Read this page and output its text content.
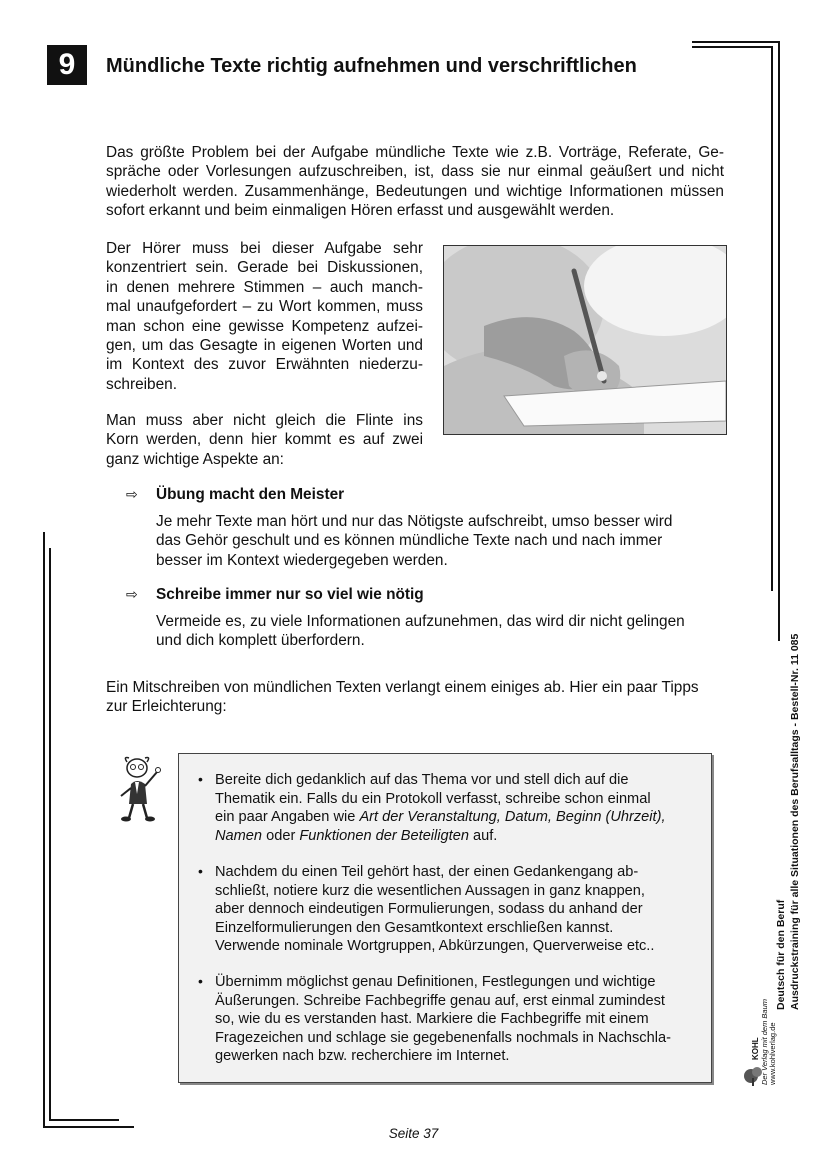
9 Mündliche Texte richtig aufnehmen und verschriftlichen
Das größte Problem bei der Aufgabe mündliche Texte wie z.B. Vorträge, Referate, Ge-
spräche oder Vorlesungen aufzuschreiben, ist, dass sie nur einmal geäußert und nicht
wiederholt werden. Zusammenhänge, Bedeutungen und wichtige Informationen müssen
sofort erkannt und beim einmaligen Hören erfasst und ausgewählt werden.
Der Hörer muss bei dieser Aufgabe sehr
konzentriert sein. Gerade bei Diskussionen,
in denen mehrere Stimmen – auch manch-
mal unaufgefordert – zu Wort kommen, muss
man schon eine gewisse Kompetenz aufzei-
gen, um das Gesagte in eigenen Worten und
im Kontext des zuvor Erwähnten niederzu-
schreiben.
Man muss aber nicht gleich die Flinte ins
Korn werden, denn hier kommt es auf zwei
ganz wichtige Aspekte an:
⇨ Übung macht den Meister
Je mehr Texte man hört und nur das Nötigste aufschreibt, umso besser wird
das Gehör geschult und es können mündliche Texte nach und nach immer
besser im Kontext wiedergegeben werden.
⇨ Schreibe immer nur so viel wie nötig
Vermeide es, zu viele Informationen aufzunehmen, das wird dir nicht gelingen
und dich komplett überfordern.
Ein Mitschreiben von mündlichen Texten verlangt einem einiges ab. Hier ein paar Tipps
zur Erleichterung:
• Bereite dich gedanklich auf das Thema vor und stell dich auf die
Thematik ein. Falls du ein Protokoll verfasst, schreibe schon einmal
ein paar Angaben wie Art der Veranstaltung, Datum, Beginn (Uhrzeit),
Namen oder Funktionen der Beteiligten auf.
• Nachdem du einen Teil gehört hast, der einen Gedankengang ab-
schließt, notiere kurz die wesentlichen Aussagen in ganz knappen,
aber dennoch eindeutigen Formulierungen, sodass du anhand der
Einzelformulierungen den Gesamtkontext erschließen kannst.
Verwende nominale Wortgruppen, Abkürzungen, Querverweise etc..
• Übernimm möglichst genau Definitionen, Festlegungen und wichtige
Äußerungen. Schreibe Fachbegriffe genau auf, erst einmal zumindest
so, wie du es verstanden hast. Markiere die Fachbegriffe mit einem
Fragezeichen und schlage sie gegebenenfalls nochmals in Nachschla-
gewerken nach bzw. recherchiere im Internet.
Deutsch für den Beruf Ausdruckstraining für alle Situationen des Berufsalltags - Bestell-Nr. 11 085
KOHL Der Verlag mit dem Baum www.kohlverlag.de
Seite 37
